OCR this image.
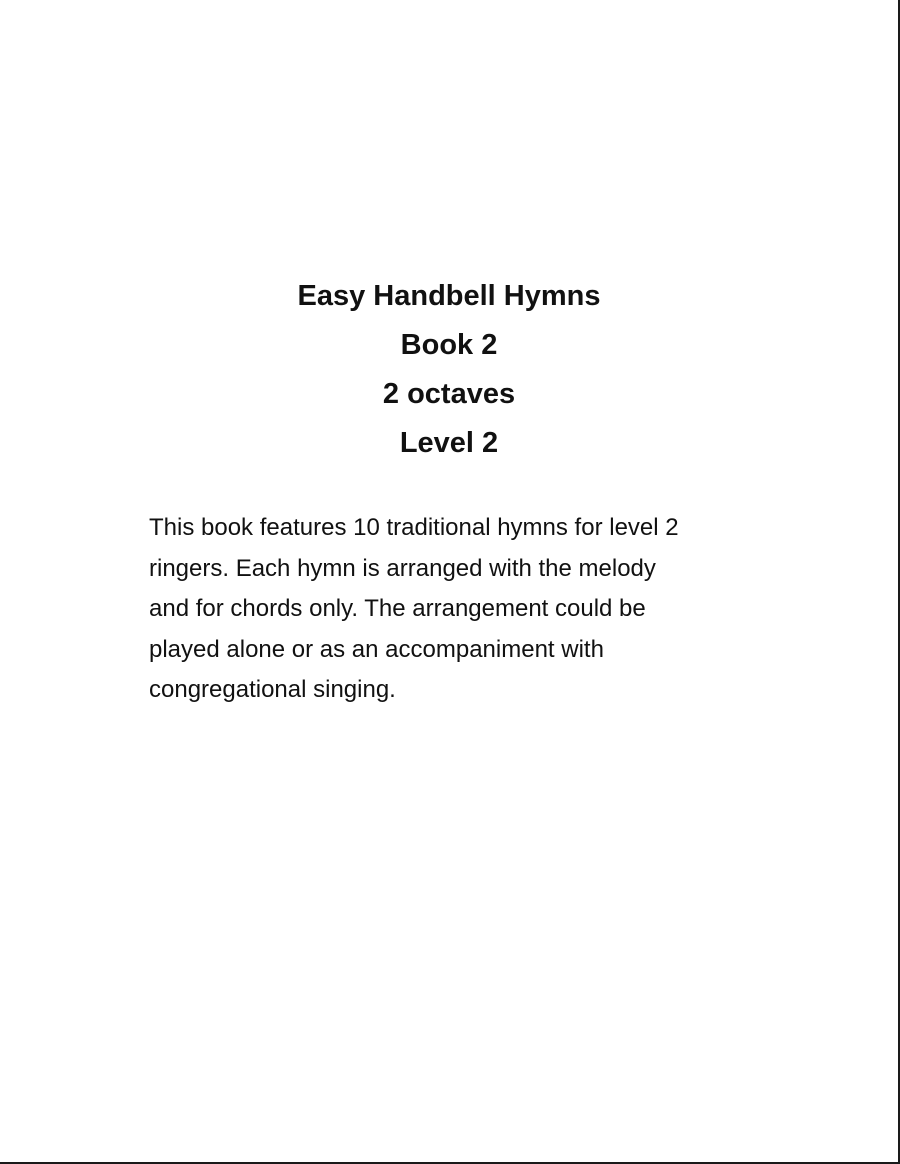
Easy Handbell Hymns
Book 2
2 octaves
Level 2
This book features 10 traditional hymns for level 2
ringers. Each hymn is arranged with the melody
and for chords only. The arrangement could be
played alone or as an accompaniment with
congregational singing.
